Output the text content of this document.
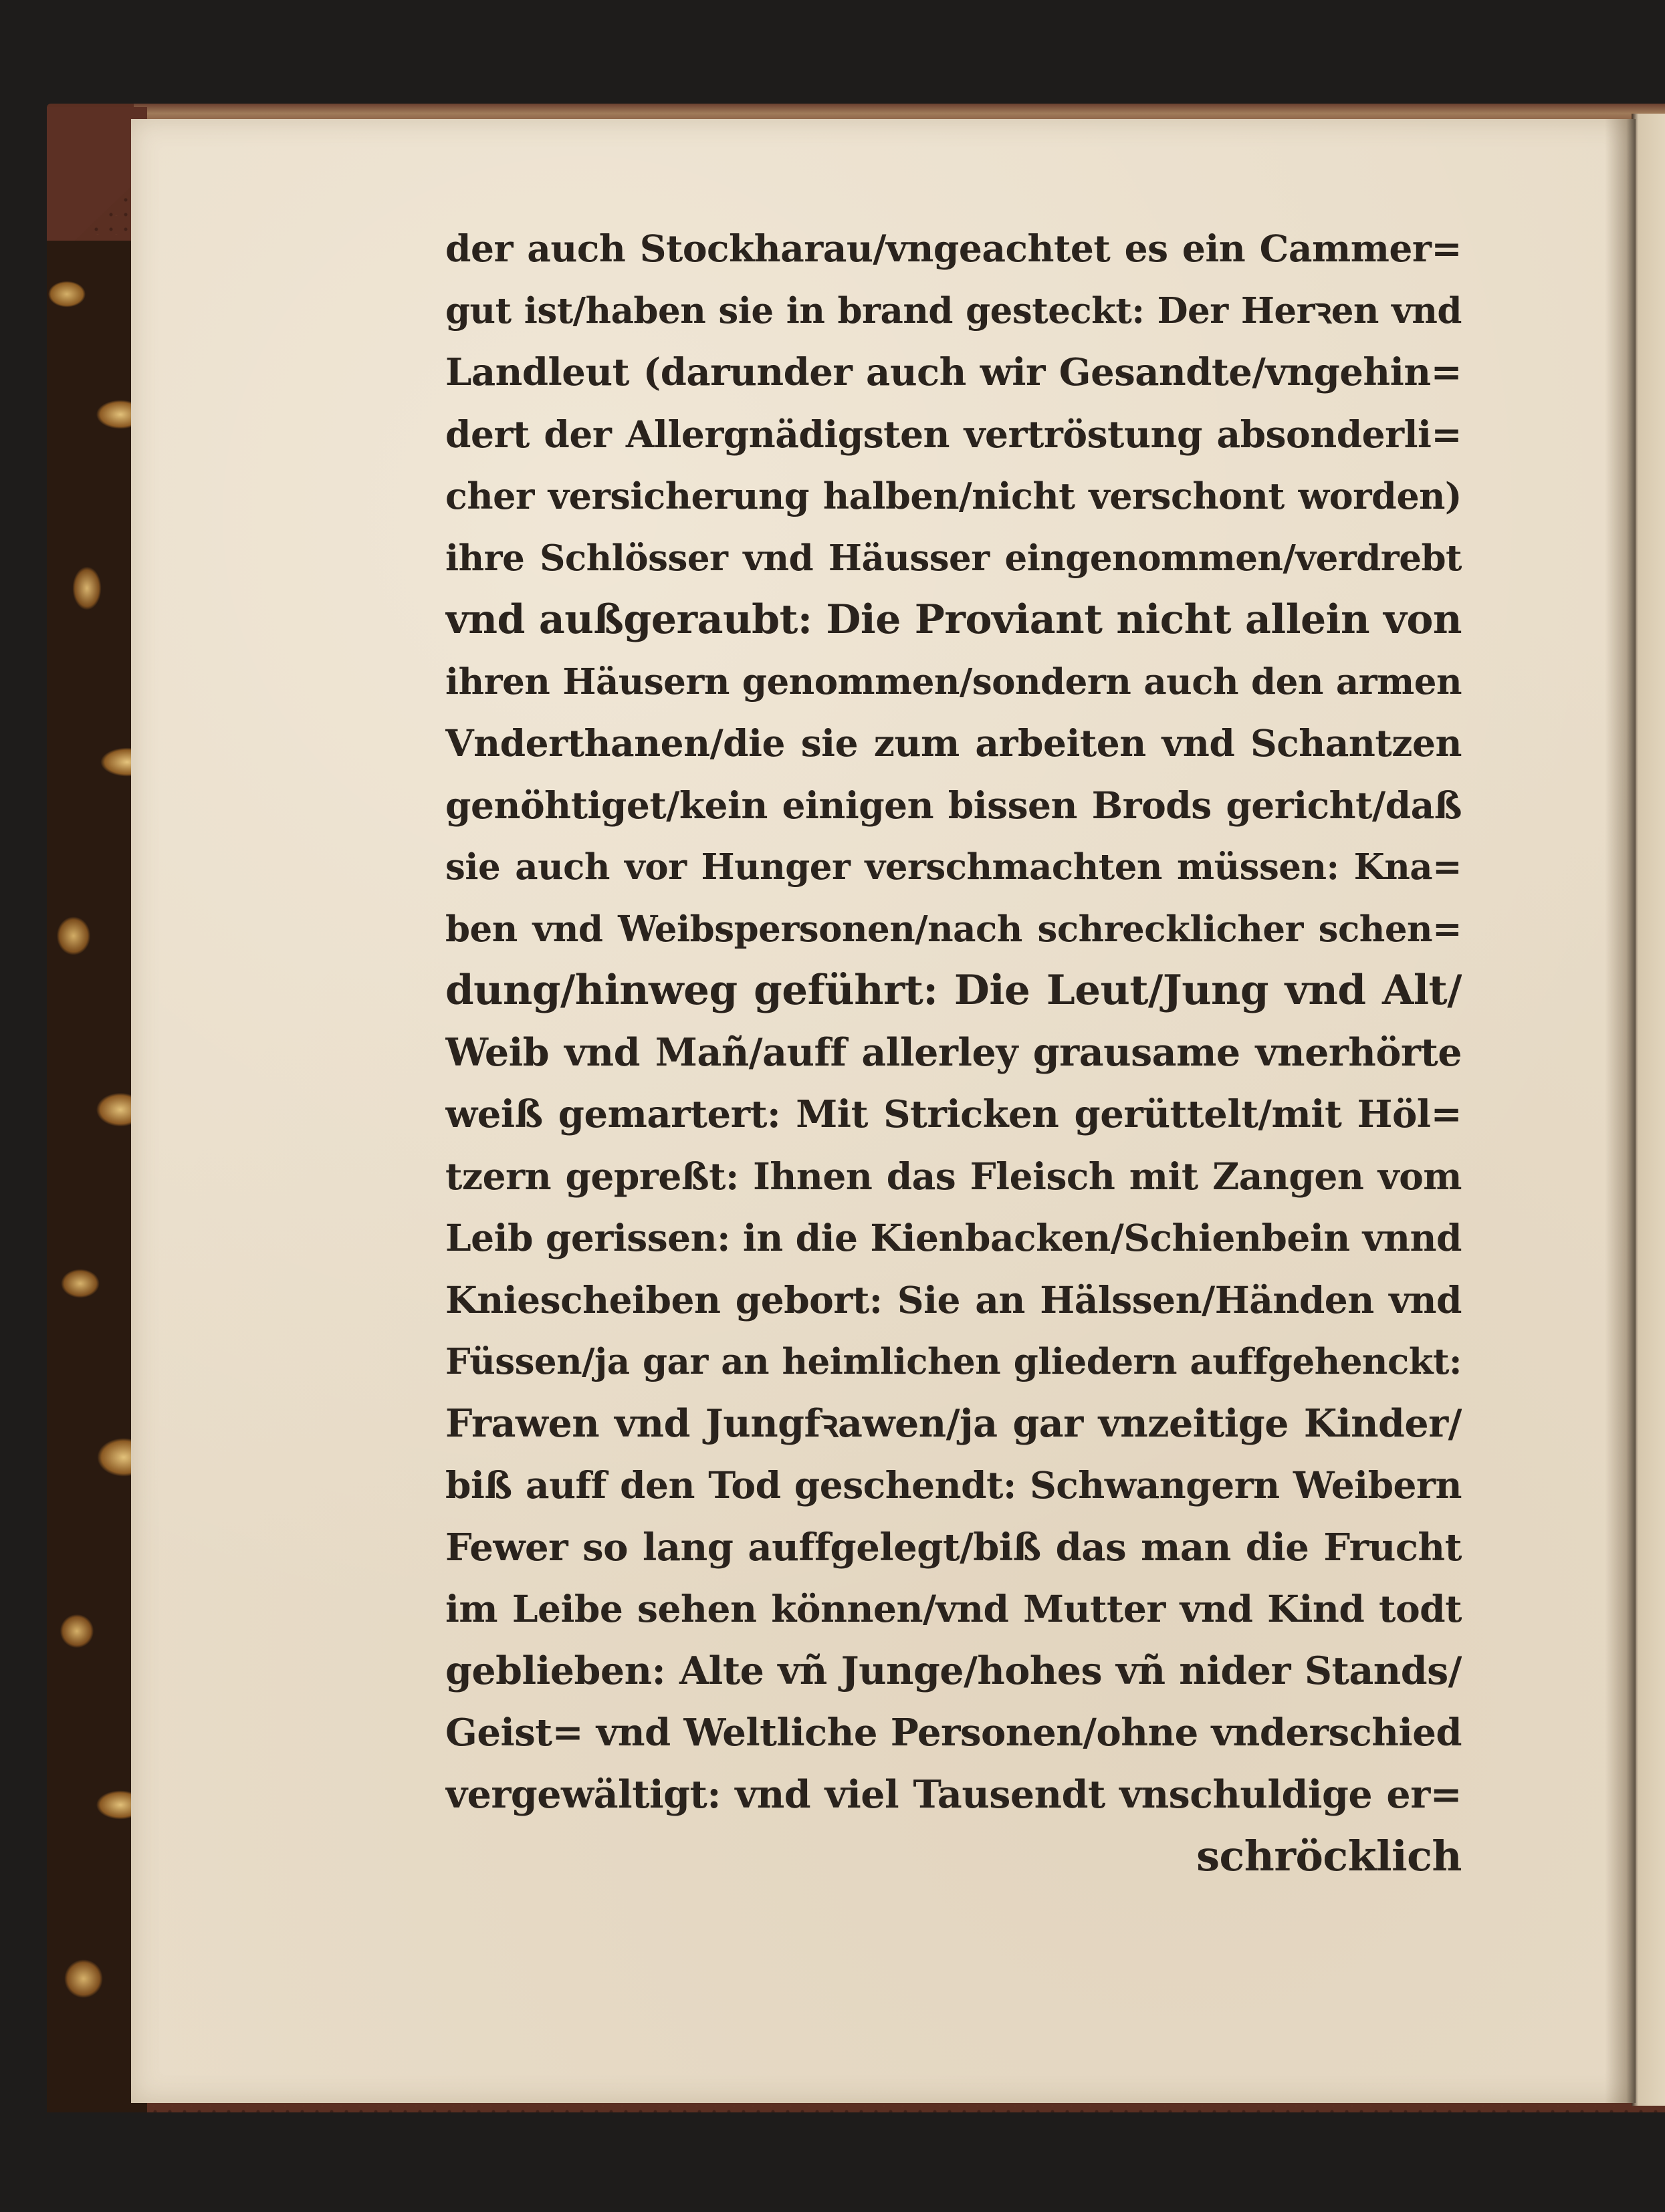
der auch Stockharau/vngeachtet es ein Cammer=
gut ist/haben sie in brand gesteckt: Der Herꝛen vnd
Landleut (darunder auch wir Gesandte/vngehin=
dert der Allergnädigsten vertröstung absonderli=
cher versicherung halben/nicht verschont worden)
ihre Schlösser vnd Häusser eingenommen/verdrebt
vnd außgeraubt: Die Proviant nicht allein von
ihren Häusern genommen/sondern auch den armen
Vnderthanen/die sie zum arbeiten vnd Schantzen
genöhtiget/kein einigen bissen Brods gericht/daß
sie auch vor Hunger verschmachten müssen: Kna=
ben vnd Weibspersonen/nach schrecklicher schen=
dung/hinweg geführt: Die Leut/Jung vnd Alt/
Weib vnd Mañ/auff allerley grausame vnerhörte
weiß gemartert: Mit Stricken gerüttelt/mit Höl=
tzern gepreßt: Ihnen das Fleisch mit Zangen vom
Leib gerissen: in die Kienbacken/Schienbein vnnd
Kniescheiben gebort: Sie an Hälssen/Händen vnd
Füssen/ja gar an heimlichen gliedern auffgehenckt:
Frawen vnd Jungfꝛawen/ja gar vnzeitige Kinder/
biß auff den Tod geschendt: Schwangern Weibern
Fewer so lang auffgelegt/biß das man die Frucht
im Leibe sehen können/vnd Mutter vnd Kind todt
geblieben: Alte vñ Junge/hohes vñ nider Stands/
Geist= vnd Weltliche Personen/ohne vnderschied
vergewältigt: vnd viel Tausendt vnschuldige er=
schröcklich
